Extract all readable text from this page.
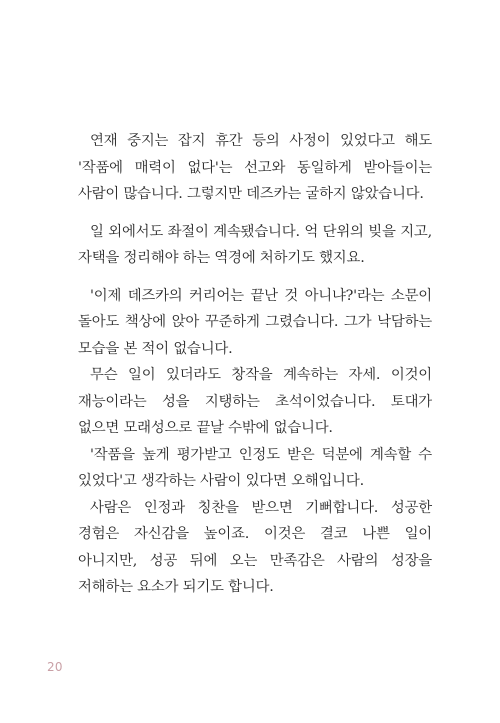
연재 중지는 잡지 휴간 등의 사정이 있었다고 해도 '작품에 매력이 없다'는 선고와 동일하게 받아들이는 사람이 많습니다. 그렇지만 데즈카는 굴하지 않았습니다.

일 외에서도 좌절이 계속됐습니다. 억 단위의 빚을 지고, 자택을 정리해야 하는 역경에 처하기도 했지요.

'이제 데즈카의 커리어는 끝난 것 아니냐?'라는 소문이 돌아도 책상에 앉아 꾸준하게 그렸습니다. 그가 낙담하는 모습을 본 적이 없습니다.

무슨 일이 있더라도 창작을 계속하는 자세. 이것이 재능이라는 성을 지탱하는 초석이었습니다. 토대가 없으면 모래성으로 끝날 수밖에 없습니다.

'작품을 높게 평가받고 인정도 받은 덕분에 계속할 수 있었다'고 생각하는 사람이 있다면 오해입니다.

사람은 인정과 칭찬을 받으면 기뻐합니다. 성공한 경험은 자신감을 높이죠. 이것은 결코 나쁜 일이 아니지만, 성공 뒤에 오는 만족감은 사람의 성장을 저해하는 요소가 되기도 합니다.

20
